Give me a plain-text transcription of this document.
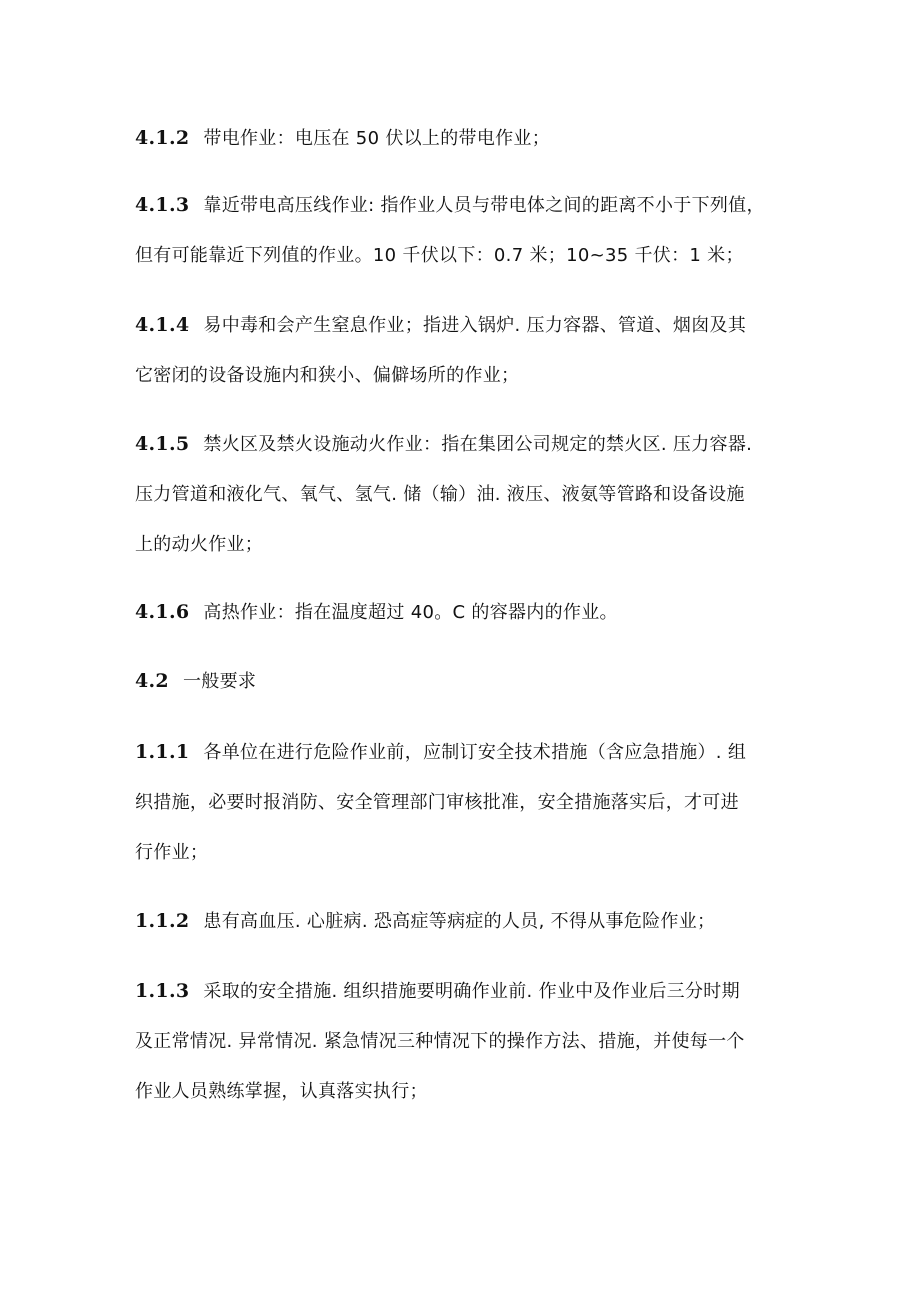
4.1.2 带电作业：电压在 50 伏以上的带电作业；
4.1.3 靠近带电高压线作业: 指作业人员与带电体之间的距离不小于下列值，
但有可能靠近下列值的作业。10 千伏以下：0.7 米；10~35 千伏：1 米；
4.1.4 易中毒和会产生窒息作业；指进入锅炉. 压力容器、管道、烟囱及其
它密闭的设备设施内和狭小、偏僻场所的作业；
4.1.5 禁火区及禁火设施动火作业：指在集团公司规定的禁火区. 压力容器.
压力管道和液化气、氧气、氢气. 储（输）油. 液压、液氨等管路和设备设施
上的动火作业；
4.1.6 高热作业：指在温度超过 40。C 的容器内的作业。
4.2 一般要求
1.1.1 各单位在进行危险作业前，应制订安全技术措施（含应急措施）. 组
织措施，必要时报消防、安全管理部门审核批准，安全措施落实后，才可进
行作业；
1.1.2 患有高血压. 心脏病. 恐高症等病症的人员, 不得从事危险作业；
1.1.3 采取的安全措施. 组织措施要明确作业前. 作业中及作业后三分时期
及正常情况. 异常情况. 紧急情况三种情况下的操作方法、措施，并使每一个
作业人员熟练掌握，认真落实执行；
